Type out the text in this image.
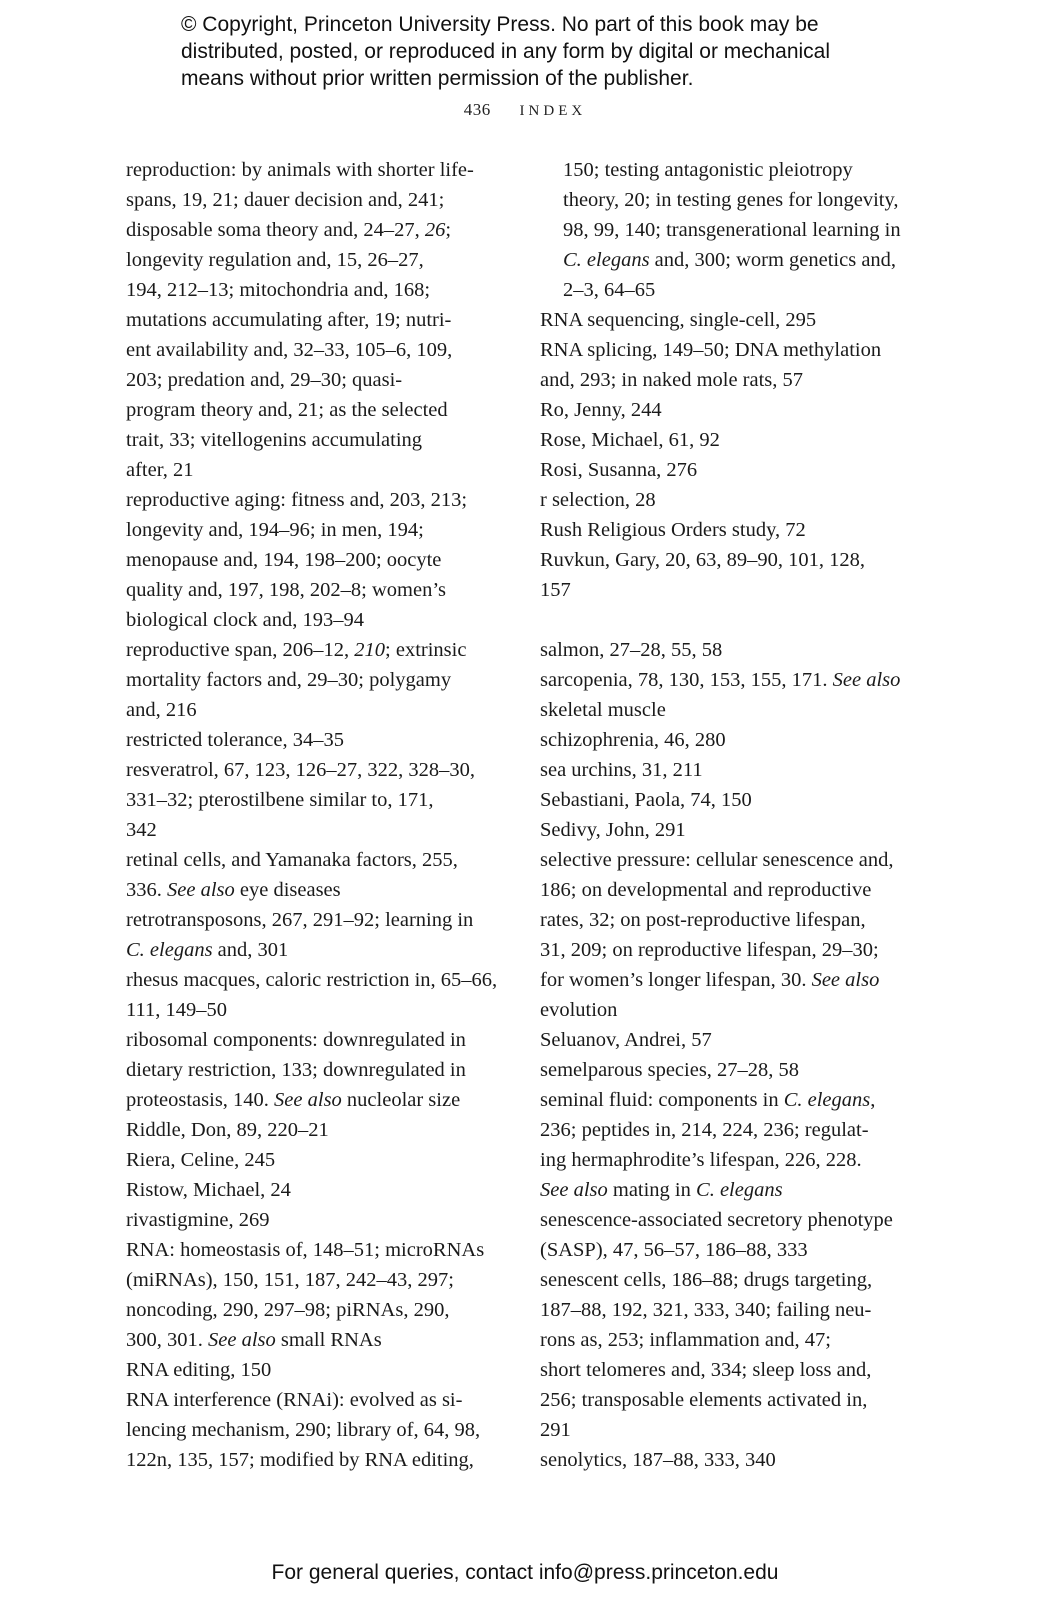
© Copyright, Princeton University Press. No part of this book may be
distributed, posted, or reproduced in any form by digital or mechanical
means without prior written permission of the publisher.
436 INDEX

reproduction: by animals with shorter life-
spans, 19, 21; dauer decision and, 241;
disposable soma theory and, 24–27, 26;
longevity regulation and, 15, 26–27,
194, 212–13; mitochondria and, 168;
mutations accumulating after, 19; nutri-
ent availability and, 32–33, 105–6, 109,
203; predation and, 29–30; quasi-
program theory and, 21; as the selected
trait, 33; vitellogenins accumulating
after, 21

reproductive aging: fitness and, 203, 213;
longevity and, 194–96; in men, 194;
menopause and, 194, 198–200; oocyte
quality and, 197, 198, 202–8; women’s
biological clock and, 193–94

reproductive span, 206–12, 210; extrinsic
mortality factors and, 29–30; polygamy
and, 216

restricted tolerance, 34–35

resveratrol, 67, 123, 126–27, 322, 328–30,
331–32; pterostilbene similar to, 171,
342

retinal cells, and Yamanaka factors, 255,
336. See also eye diseases

retrotransposons, 267, 291–92; learning in
C. elegans and, 301

rhesus macques, caloric restriction in, 65–66,
111, 149–50

ribosomal components: downregulated in
dietary restriction, 133; downregulated in
proteostasis, 140. See also nucleolar size

Riddle, Don, 89, 220–21

Riera, Celine, 245

Ristow, Michael, 24

rivastigmine, 269

RNA: homeostasis of, 148–51; microRNAs
(miRNAs), 150, 151, 187, 242–43, 297;
noncoding, 290, 297–98; piRNAs, 290,
300, 301. See also small RNAs

RNA editing, 150

RNA interference (RNAi): evolved as si-
lencing mechanism, 290; library of, 64, 98,
122n, 135, 157; modified by RNA editing,

150; testing antagonistic pleiotropy
theory, 20; in testing genes for longevity,
98, 99, 140; transgenerational learning in
C. elegans and, 300; worm genetics and,
2–3, 64–65

RNA sequencing, single-cell, 295

RNA splicing, 149–50; DNA methylation
and, 293; in naked mole rats, 57

Ro, Jenny, 244

Rose, Michael, 61, 92

Rosi, Susanna, 276

r selection, 28

Rush Religious Orders study, 72

Ruvkun, Gary, 20, 63, 89–90, 101, 128,
157

salmon, 27–28, 55, 58

sarcopenia, 78, 130, 153, 155, 171. See also
skeletal muscle

schizophrenia, 46, 280

sea urchins, 31, 211

Sebastiani, Paola, 74, 150

Sedivy, John, 291

selective pressure: cellular senescence and,
186; on developmental and reproductive
rates, 32; on post-reproductive lifespan,
31, 209; on reproductive lifespan, 29–30;
for women’s longer lifespan, 30. See also
evolution

Seluanov, Andrei, 57

semelparous species, 27–28, 58

seminal fluid: components in C. elegans,
236; peptides in, 214, 224, 236; regulat-
ing hermaphrodite’s lifespan, 226, 228.
See also mating in C. elegans

senescence-associated secretory phenotype
(SASP), 47, 56–57, 186–88, 333

senescent cells, 186–88; drugs targeting,
187–88, 192, 321, 333, 340; failing neu-
rons as, 253; inflammation and, 47;
short telomeres and, 334; sleep loss and,
256; transposable elements activated in,
291

senolytics, 187–88, 333, 340

For general queries, contact info@press.princeton.edu
